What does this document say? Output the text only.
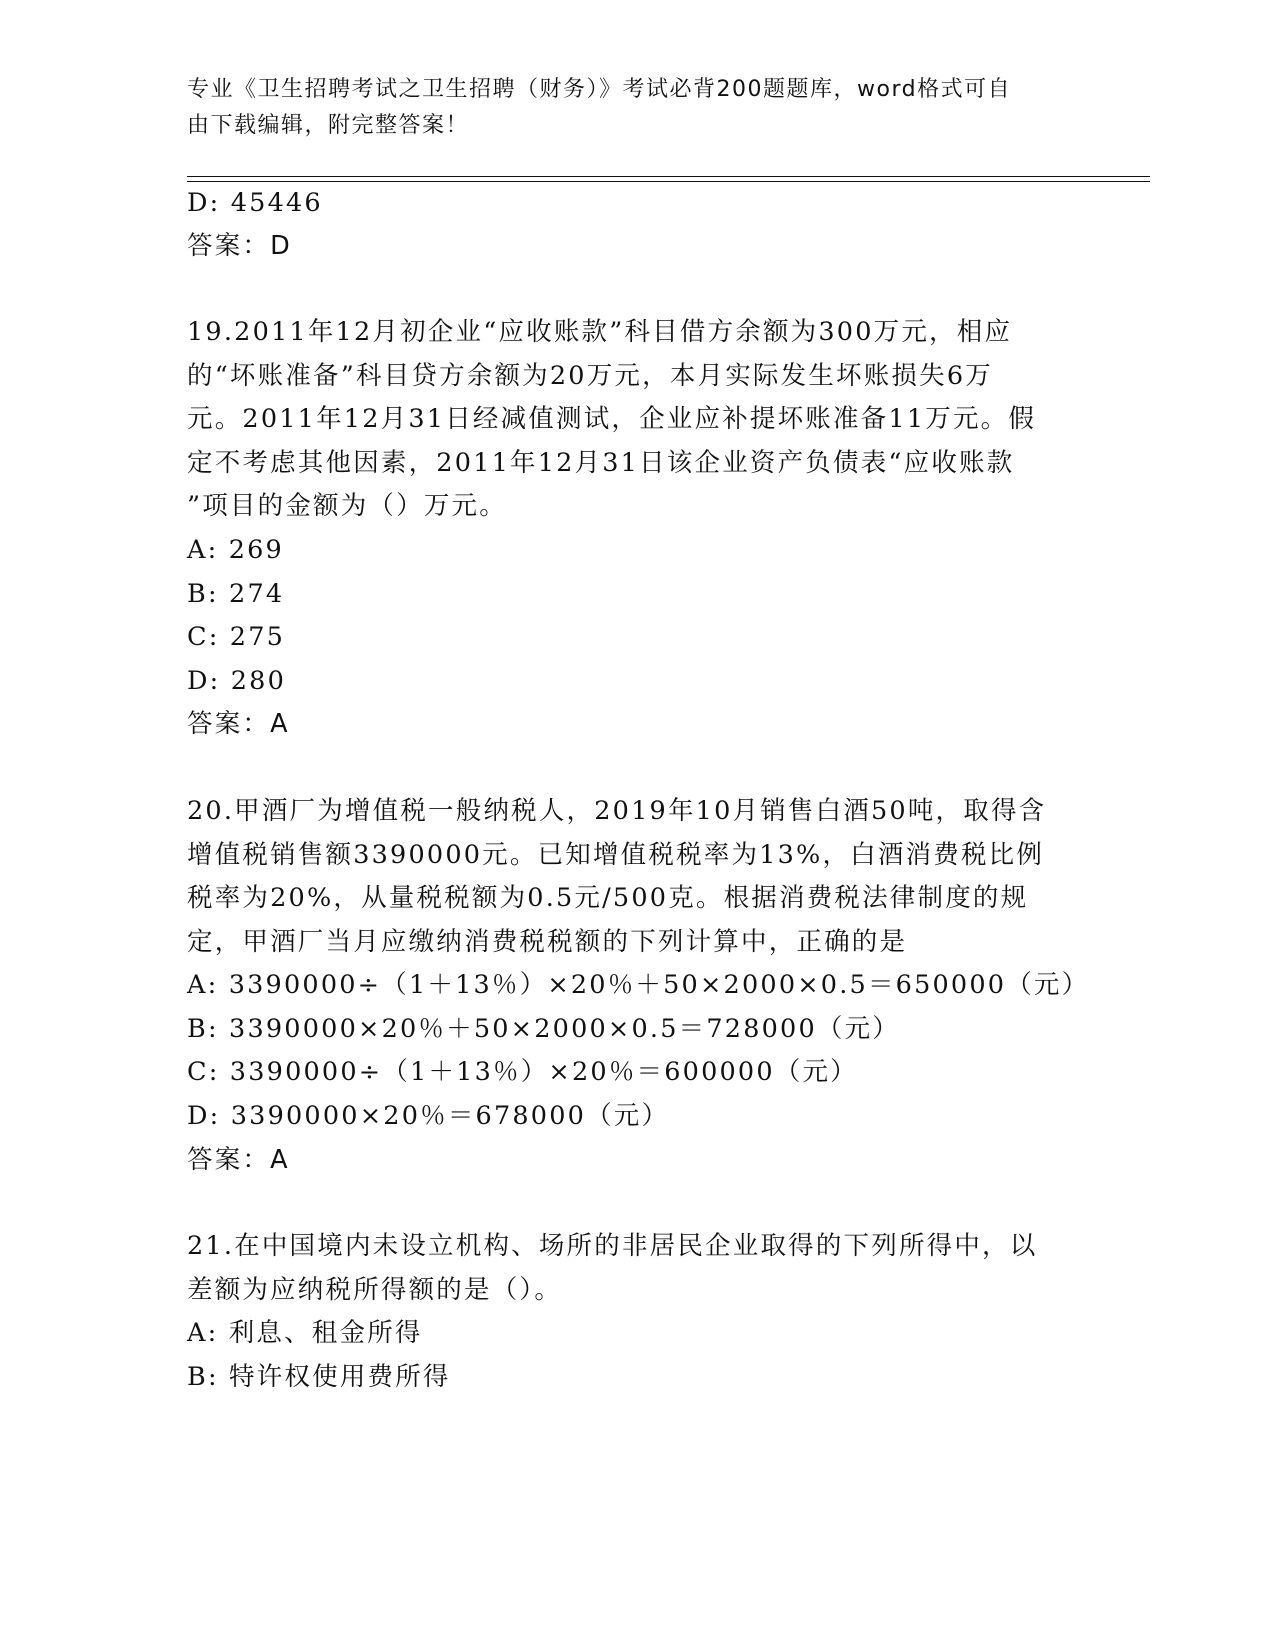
专业《卫生招聘考试之卫生招聘（财务）》考试必背200题题库，word格式可自
由下载编辑，附完整答案！
D: 45446
答案：D
19.2011年12月初企业“应收账款”科目借方余额为300万元，相应
的“坏账准备”科目贷方余额为20万元，本月实际发生坏账损失6万
元。2011年12月31日经减值测试，企业应补提坏账准备11万元。假
定不考虑其他因素，2011年12月31日该企业资产负债表“应收账款
”项目的金额为（）万元。
A: 269
B: 274
C: 275
D: 280
答案：A
20.甲酒厂为增值税一般纳税人，2019年10月销售白酒50吨，取得含
增值税销售额3390000元。已知增值税税率为13%，白酒消费税比例
税率为20%，从量税税额为0.5元/500克。根据消费税法律制度的规
定，甲酒厂当月应缴纳消费税税额的下列计算中，正确的是
A: 3390000÷（1＋13％）×20％＋50×2000×0.5＝650000（元）
B: 3390000×20％＋50×2000×0.5＝728000（元）
C: 3390000÷（1＋13％）×20％＝600000（元）
D: 3390000×20％＝678000（元）
答案：A
21.在中国境内未设立机构、场所的非居民企业取得的下列所得中，以
差额为应纳税所得额的是（）。
A: 利息、租金所得
B: 特许权使用费所得
